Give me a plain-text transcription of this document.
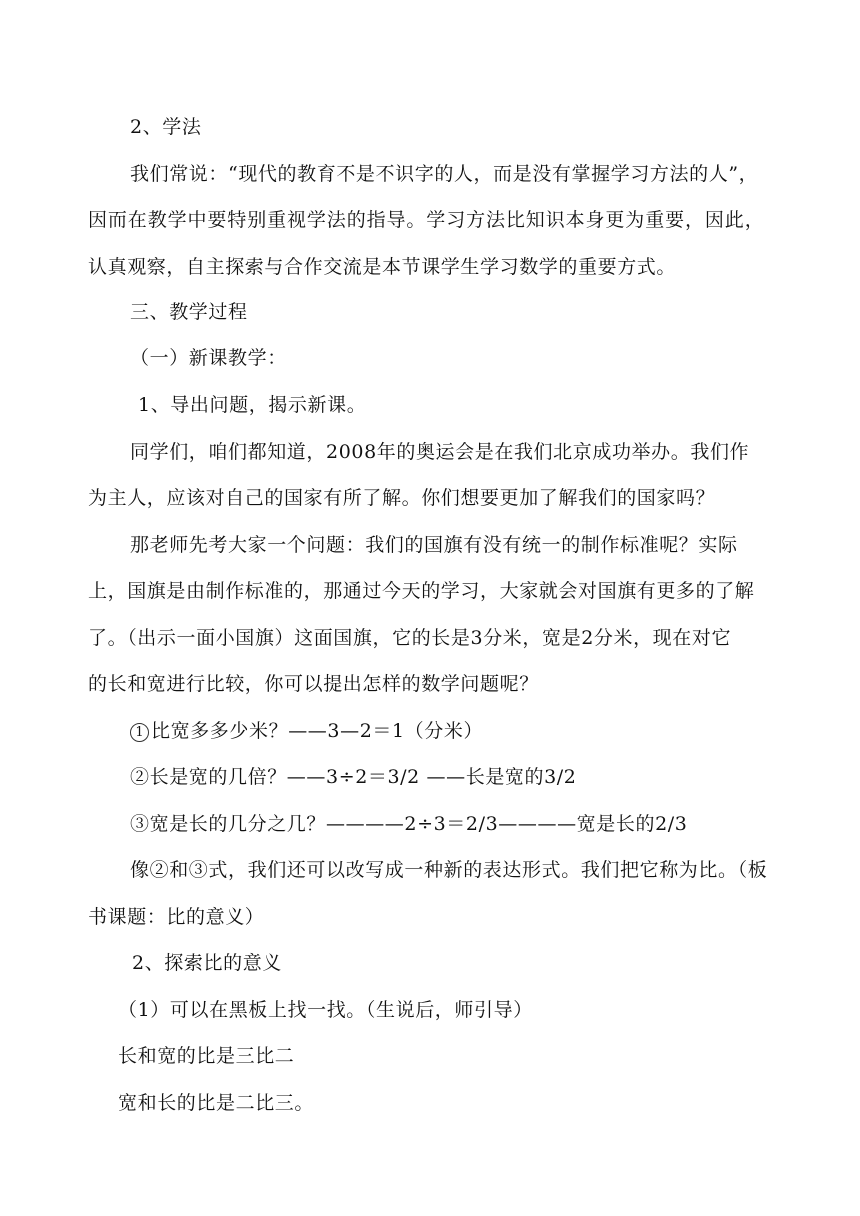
2、学法
我们常说：“现代的教育不是不识字的人，而是没有掌握学习方法的人”，
因而在教学中要特别重视学法的指导。学习方法比知识本身更为重要，因此，
认真观察，自主探索与合作交流是本节课学生学习数学的重要方式。
三、教学过程
（一）新课教学：
1、导出问题，揭示新课。
同学们，咱们都知道，2008年的奥运会是在我们北京成功举办。我们作
为主人，应该对自己的国家有所了解。你们想要更加了解我们的国家吗？
那老师先考大家一个问题：我们的国旗有没有统一的制作标准呢？实际
上，国旗是由制作标准的，那通过今天的学习，大家就会对国旗有更多的了解
了。（出示一面小国旗）这面国旗，它的长是3分米，宽是2分米，现在对它
的长和宽进行比较，你可以提出怎样的数学问题呢？
1 比宽多多少米？——3—2＝1（分米）
②长是宽的几倍？——3÷2＝3/2 ——长是宽的3/2
③宽是长的几分之几？————2÷3＝2/3————宽是长的2/3
像②和③式，我们还可以改写成一种新的表达形式。我们把它称为比。（板
书课题：比的意义）
2、探索比的意义
（1）可以在黑板上找一找。（生说后，师引导）
长和宽的比是三比二
宽和长的比是二比三。
